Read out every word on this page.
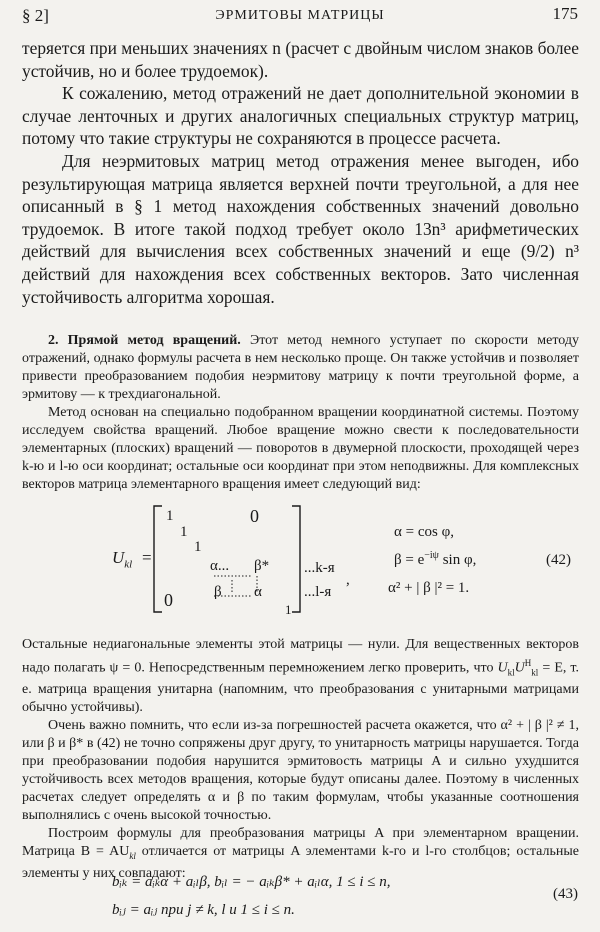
§ 2]	ЭРМИТОВЫ МАТРИЦЫ	175

теряется при меньших значениях n (расчет с двойным числом знаков более устойчив, но и более трудоемок).

К сожалению, метод отражений не дает дополнительной экономии в случае ленточных и других аналогичных специальных структур матриц, потому что такие структуры не сохраняются в процессе расчета.

Для неэрмитовых матриц метод отражения менее выгоден, ибо результирующая матрица является верхней почти треугольной, а для нее описанный в § 1 метод нахождения собственных значений довольно трудоемок. В итоге такой подход требует около 13n³ арифметических действий для вычисления всех собственных значений и еще (9/2) n³ действий для нахождения всех собственных векторов. Зато численная устойчивость алгоритма хорошая.

2. Прямой метод вращений. Этот метод немного уступает по скорости методу отражений, однако формулы расчета в нем несколько проще. Он также устойчив и позволяет привести преобразованием подобия неэрмитову матрицу к почти треугольной форме, а эрмитову — к трехдиагональной.

Метод основан на специально подобранном вращении координатной системы. Поэтому исследуем свойства вращений. Любое вращение можно свести к последовательности элементарных (плоских) вращений — поворотов в двумерной плоскости, проходящей через k-ю и l-ю оси координат; остальные оси координат при этом неподвижны. Для комплексных векторов матрица элементарного вращения имеет следующий вид:

$U_{kl}$ =
1	0
1
1
α... β*
β α
0	1
...k-я
...l-я
,
α = cos φ,
$\beta = e^{-i\psi}$ sin φ,
α² + | β |² = 1.
(42)

Остальные недиагональные элементы этой матрицы — нули. Для вещественных векторов надо полагать ψ = 0. Непосредственным перемножением легко проверить, что $U_{kl}U^H_{kl} = E$, т. е. матрица вращения унитарна (напомним, что преобразования с унитарными матрицами обычно устойчивы).

Очень важно помнить, что если из-за погрешностей расчета окажется, что α² + | β |² ≠ 1, или β и β* в (42) не точно сопряжены друг другу, то унитарность матрицы нарушается. Тогда при преобразовании подобия нарушится эрмитовость матрицы A и сильно ухудшится устойчивость всех методов вращения, которые будут описаны далее. Поэтому в численных расчетах следует определять α и β по таким формулам, чтобы указанные соотношения выполнялись с очень высокой точностью.

Построим формулы для преобразования матрицы A при элементарном вращении. Матрица $B = AU_{kl}$ отличается от матрицы A элементами k-го и l-го столбцов; остальные элементы у них совпадают:

bᵢₖ = aᵢₖα + aᵢₗβ, bᵢₗ = − aᵢₖβ* + aᵢₗα, 1 ≤ i ≤ n,
bᵢⱼ = aᵢⱼ при j ≠ k, l и 1 ≤ i ≤ n.
(43)
